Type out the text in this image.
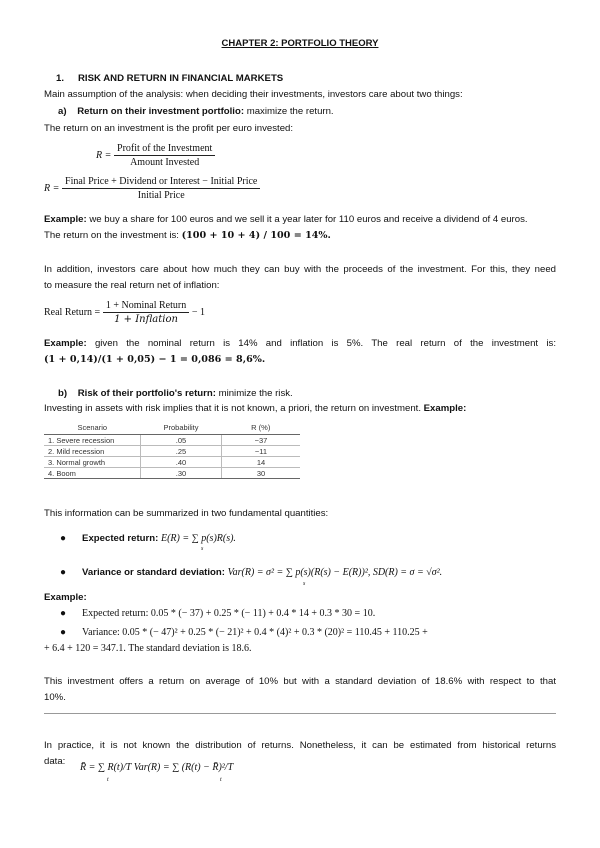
CHAPTER 2: PORTFOLIO THEORY
1. RISK AND RETURN IN FINANCIAL MARKETS
Main assumption of the analysis: when deciding their investments, investors care about two things:
a) Return on their investment portfolio: maximize the return.
The return on an investment is the profit per euro invested:
$R = \frac{\text{Profit of the Investment}}{\text{Amount Invested}}$
$R = \frac{\text{Final Price + Dividend or Interest − Initial Price}}{\text{Initial Price}}$
Example: we buy a share for 100 euros and we sell it a year later for 110 euros and receive a dividend of 4 euros.
The return on the investment is: (100 + 10 + 4) / 100 = 14%.
In addition, investors care about how much they can buy with the proceeds of the investment. For this, they need
to measure the real return net of inflation:
Real Return = $\frac{\text{1 + Nominal Return}}{\text{1 + Inflation}} - 1$
Example: given the nominal return is 14% and inflation is 5%. The real return of the investment is:
(1 + 0,14)/(1 + 0,05) − 1 = 0,086 = 8,6%.
b) Risk of their portfolio's return: minimize the risk.
Investing in assets with risk implies that it is not known, a priori, the return on investment. Example:
Scenario	Probability	R (%)
1. Severe recession	.05	−37
2. Mild recession	.25	−11
3. Normal growth	.40	14
4. Boom	.30	30
This information can be summarized in two fundamental quantities:
● Expected return: E(R) = ∑ p(s)R(s).
s
● Variance or standard deviation: Var(R) = σ² = ∑ p(s)(R(s) − E(R))², SD(R) = σ = √σ².
s
Example:
● Expected return: 0.05 * (− 37) + 0.25 * (− 11) + 0.4 * 14 + 0.3 * 30 = 10.
● Variance: 0.05 * (− 47)² + 0.25 * (− 21)² + 0.4 * (4)² + 0.3 * (20)² = 110.45 + 110.25 +
+ 6.4 + 120 = 347.1. The standard deviation is 18.6.
This investment offers a return on average of 10% but with a standard deviation of 18.6% with respect to that
10%.
In practice, it is not known the distribution of returns. Nonetheless, it can be estimated from historical returns
data:
R̄ = ∑ R(t)/T Var(R) = ∑ (R(t) − R̄)²/T
t	t
